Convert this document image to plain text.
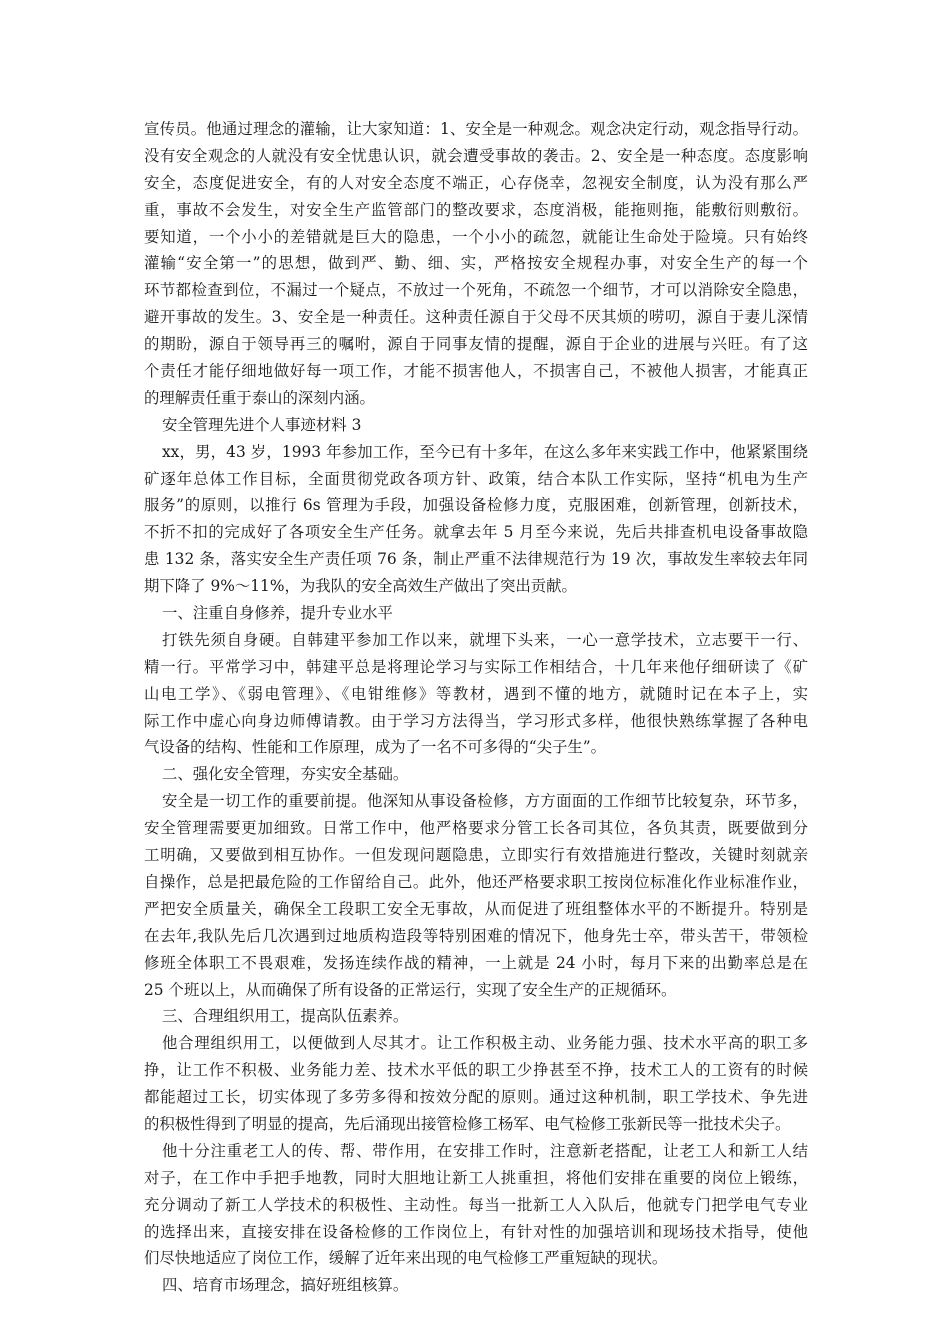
宣传员。他通过理念的灌输，让大家知道：1、安全是一种观念。观念决定行动，观念指导行动。
没有安全观念的人就没有安全忧患认识，就会遭受事故的袭击。2、安全是一种态度。态度影响
安全，态度促进安全，有的人对安全态度不端正，心存侥幸，忽视安全制度，认为没有那么严
重，事故不会发生，对安全生产监管部门的整改要求，态度消极，能拖则拖，能敷衍则敷衍。
要知道，一个小小的差错就是巨大的隐患，一个小小的疏忽，就能让生命处于险境。只有始终
灌输“安全第一”的思想，做到严、勤、细、实，严格按安全规程办事，对安全生产的每一个
环节都检查到位，不漏过一个疑点，不放过一个死角，不疏忽一个细节，才可以消除安全隐患，
避开事故的发生。3、安全是一种责任。这种责任源自于父母不厌其烦的唠叨，源自于妻儿深情
的期盼，源自于领导再三的嘱咐，源自于同事友情的提醒，源自于企业的进展与兴旺。有了这
个责任才能仔细地做好每一项工作，才能不损害他人，不损害自己，不被他人损害，才能真正
的理解责任重于泰山的深刻内涵。
安全管理先进个人事迹材料 3
xx，男，43 岁，1993 年参加工作，至今已有十多年，在这么多年来实践工作中，他紧紧围绕
矿逐年总体工作目标，全面贯彻党政各项方针、政策，结合本队工作实际，坚持“机电为生产
服务”的原则，以推行 6s 管理为手段，加强设备检修力度，克服困难，创新管理，创新技术，
不折不扣的完成好了各项安全生产任务。就拿去年 5 月至今来说，先后共排查机电设备事故隐
患 132 条，落实安全生产责任项 76 条，制止严重不法律规范行为 19 次，事故发生率较去年同
期下降了 9%～11%，为我队的安全高效生产做出了突出贡献。
一、注重自身修养，提升专业水平
打铁先须自身硬。自韩建平参加工作以来，就埋下头来，一心一意学技术，立志要干一行、
精一行。平常学习中，韩建平总是将理论学习与实际工作相结合，十几年来他仔细研读了《矿
山电工学》、《弱电管理》、《电钳维修》等教材，遇到不懂的地方，就随时记在本子上，实
际工作中虚心向身边师傅请教。由于学习方法得当，学习形式多样，他很快熟练掌握了各种电
气设备的结构、性能和工作原理，成为了一名不可多得的“尖子生”。
二、强化安全管理，夯实安全基础。
安全是一切工作的重要前提。他深知从事设备检修，方方面面的工作细节比较复杂，环节多，
安全管理需要更加细致。日常工作中，他严格要求分管工长各司其位，各负其责，既要做到分
工明确，又要做到相互协作。一但发现问题隐患，立即实行有效措施进行整改，关键时刻就亲
自操作，总是把最危险的工作留给自己。此外，他还严格要求职工按岗位标准化作业标准作业，
严把安全质量关，确保全工段职工安全无事故，从而促进了班组整体水平的不断提升。特别是
在去年,我队先后几次遇到过地质构造段等特别困难的情况下，他身先士卒，带头苦干，带领检
修班全体职工不畏艰难，发扬连续作战的精神，一上就是 24 小时，每月下来的出勤率总是在
25 个班以上，从而确保了所有设备的正常运行，实现了安全生产的正规循环。
三、合理组织用工，提高队伍素养。
他合理组织用工，以便做到人尽其才。让工作积极主动、业务能力强、技术水平高的职工多
挣，让工作不积极、业务能力差、技术水平低的职工少挣甚至不挣，技术工人的工资有的时候
都能超过工长，切实体现了多劳多得和按效分配的原则。通过这种机制，职工学技术、争先进
的积极性得到了明显的提高，先后涌现出接管检修工杨军、电气检修工张新民等一批技术尖子。
他十分注重老工人的传、帮、带作用，在安排工作时，注意新老搭配，让老工人和新工人结
对子，在工作中手把手地教，同时大胆地让新工人挑重担，将他们安排在重要的岗位上锻练，
充分调动了新工人学技术的积极性、主动性。每当一批新工人入队后，他就专门把学电气专业
的选择出来，直接安排在设备检修的工作岗位上，有针对性的加强培训和现场技术指导，使他
们尽快地适应了岗位工作，缓解了近年来出现的电气检修工严重短缺的现状。
四、培育市场理念，搞好班组核算。
